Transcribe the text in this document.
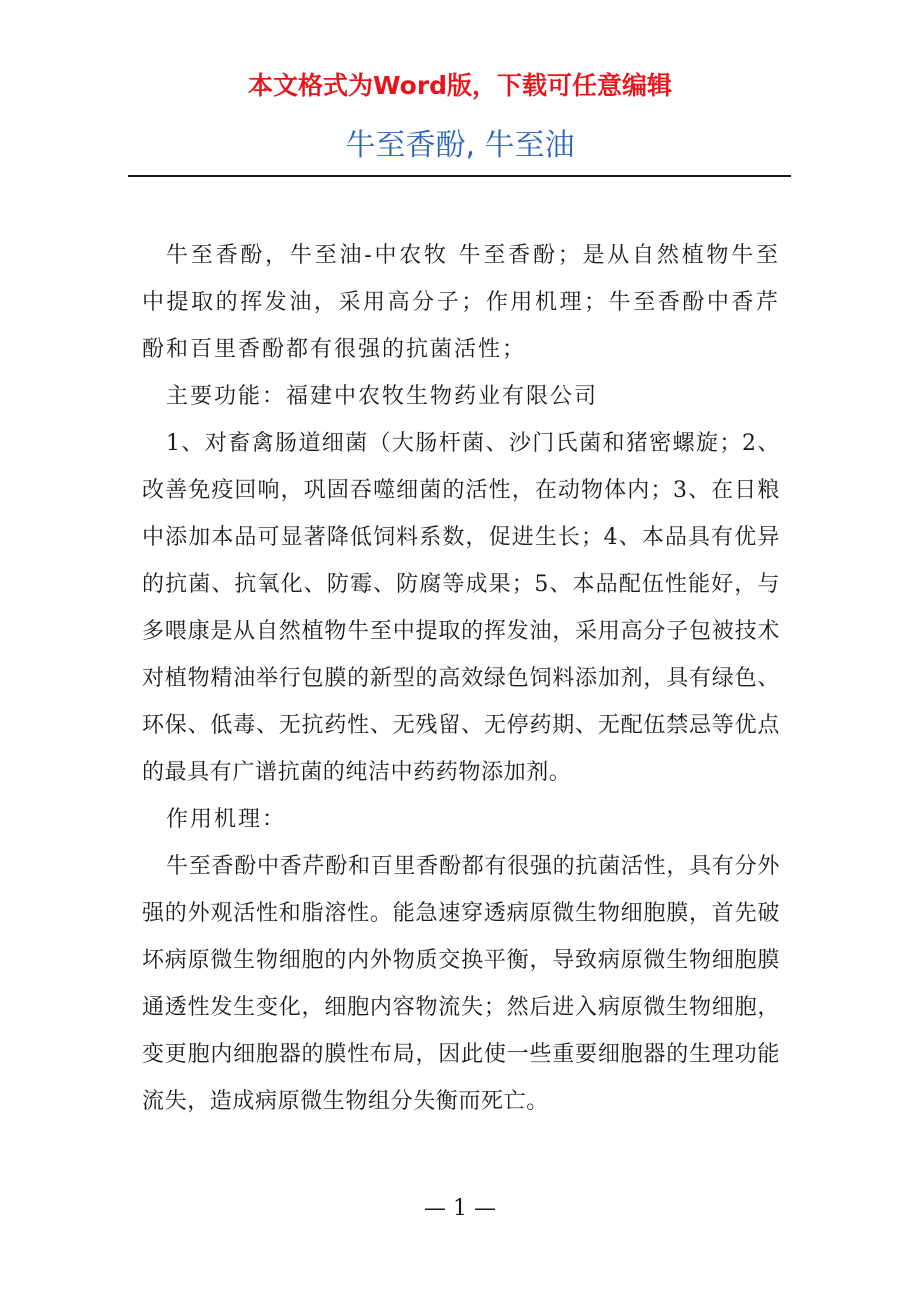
本文格式为Word版，下载可任意编辑
牛至香酚, 牛至油

牛至香酚，牛至油-中农牧 牛至香酚；是从自然植物牛至中提取的挥发油，采用高分子；作用机理；牛至香酚中香芹酚和百里香酚都有很强的抗菌活性；

主要功能：福建中农牧生物药业有限公司

1、对畜禽肠道细菌（大肠杆菌、沙门氏菌和猪密螺旋；2、改善免疫回响，巩固吞噬细菌的活性，在动物体内；3、在日粮中添加本品可显著降低饲料系数，促进生长；4、本品具有优异的抗菌、抗氧化、防霉、防腐等成果；5、本品配伍性能好，与多喂康是从自然植物牛至中提取的挥发油，采用高分子包被技术对植物精油举行包膜的新型的高效绿色饲料添加剂，具有绿色、环保、低毒、无抗药性、无残留、无停药期、无配伍禁忌等优点的最具有广谱抗菌的纯洁中药药物添加剂。

作用机理：

牛至香酚中香芹酚和百里香酚都有很强的抗菌活性，具有分外强的外观活性和脂溶性。能急速穿透病原微生物细胞膜，首先破坏病原微生物细胞的内外物质交换平衡，导致病原微生物细胞膜通透性发生变化，细胞内容物流失；然后进入病原微生物细胞，变更胞内细胞器的膜性布局，因此使一些重要细胞器的生理功能流失，造成病原微生物组分失衡而死亡。

— 1 —
